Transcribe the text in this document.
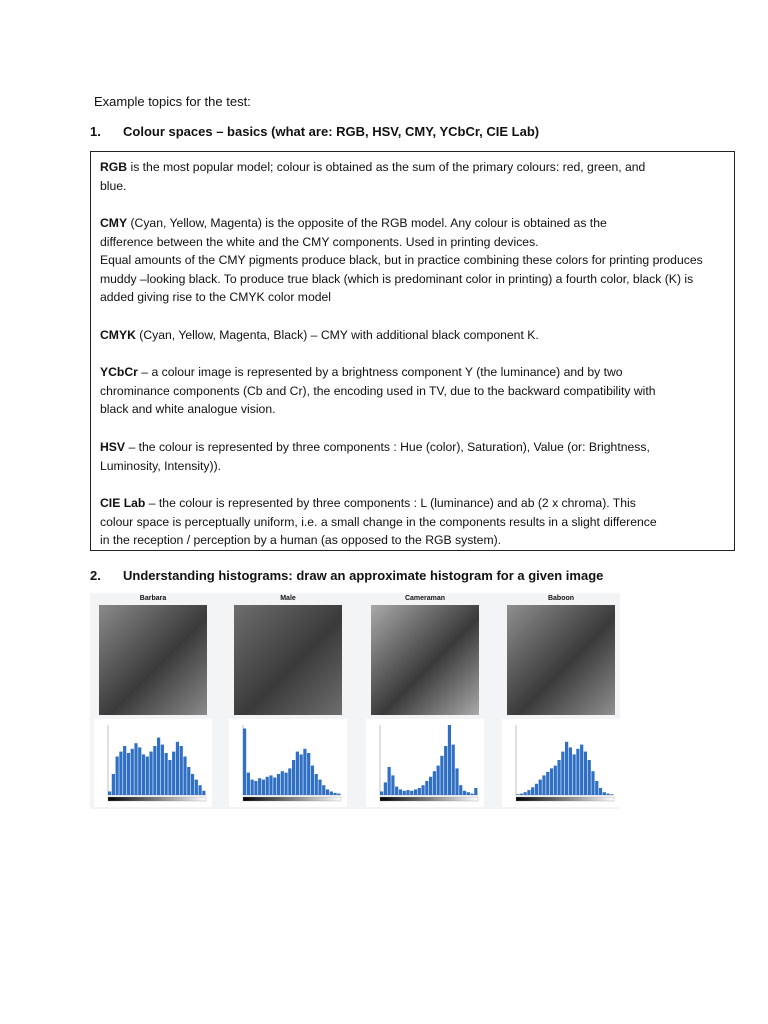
Example topics for the test:
1. Colour spaces – basics (what are: RGB, HSV, CMY, YCbCr, CIE Lab)

RGB is the most popular model; colour is obtained as the sum of the primary colours: red, green, and
blue.

CMY (Cyan, Yellow, Magenta) is the opposite of the RGB model. Any colour is obtained as the
difference between the white and the CMY components. Used in printing devices.
Equal amounts of the CMY pigments produce black, but in practice combining these colors for printing produces
muddy –looking black. To produce true black (which is predominant color in printing) a fourth color, black (K) is
added giving rise to the CMYK color model

CMYK (Cyan, Yellow, Magenta, Black) – CMY with additional black component K.

YCbCr – a colour image is represented by a brightness component Y (the luminance) and by two
chrominance components (Cb and Cr), the encoding used in TV, due to the backward compatibility with
black and white analogue vision.

HSV – the colour is represented by three components : Hue (color), Saturation), Value (or: Brightness,
Luminosity, Intensity)).

CIE Lab – the colour is represented by three components : L (luminance) and ab (2 x chroma). This
colour space is perceptually uniform, i.e. a small change in the components results in a slight difference
in the reception / perception by a human (as opposed to the RGB system).

2. Understanding histograms: draw an approximate histogram for a given image
Barbara	Male	Cameraman	Baboon
